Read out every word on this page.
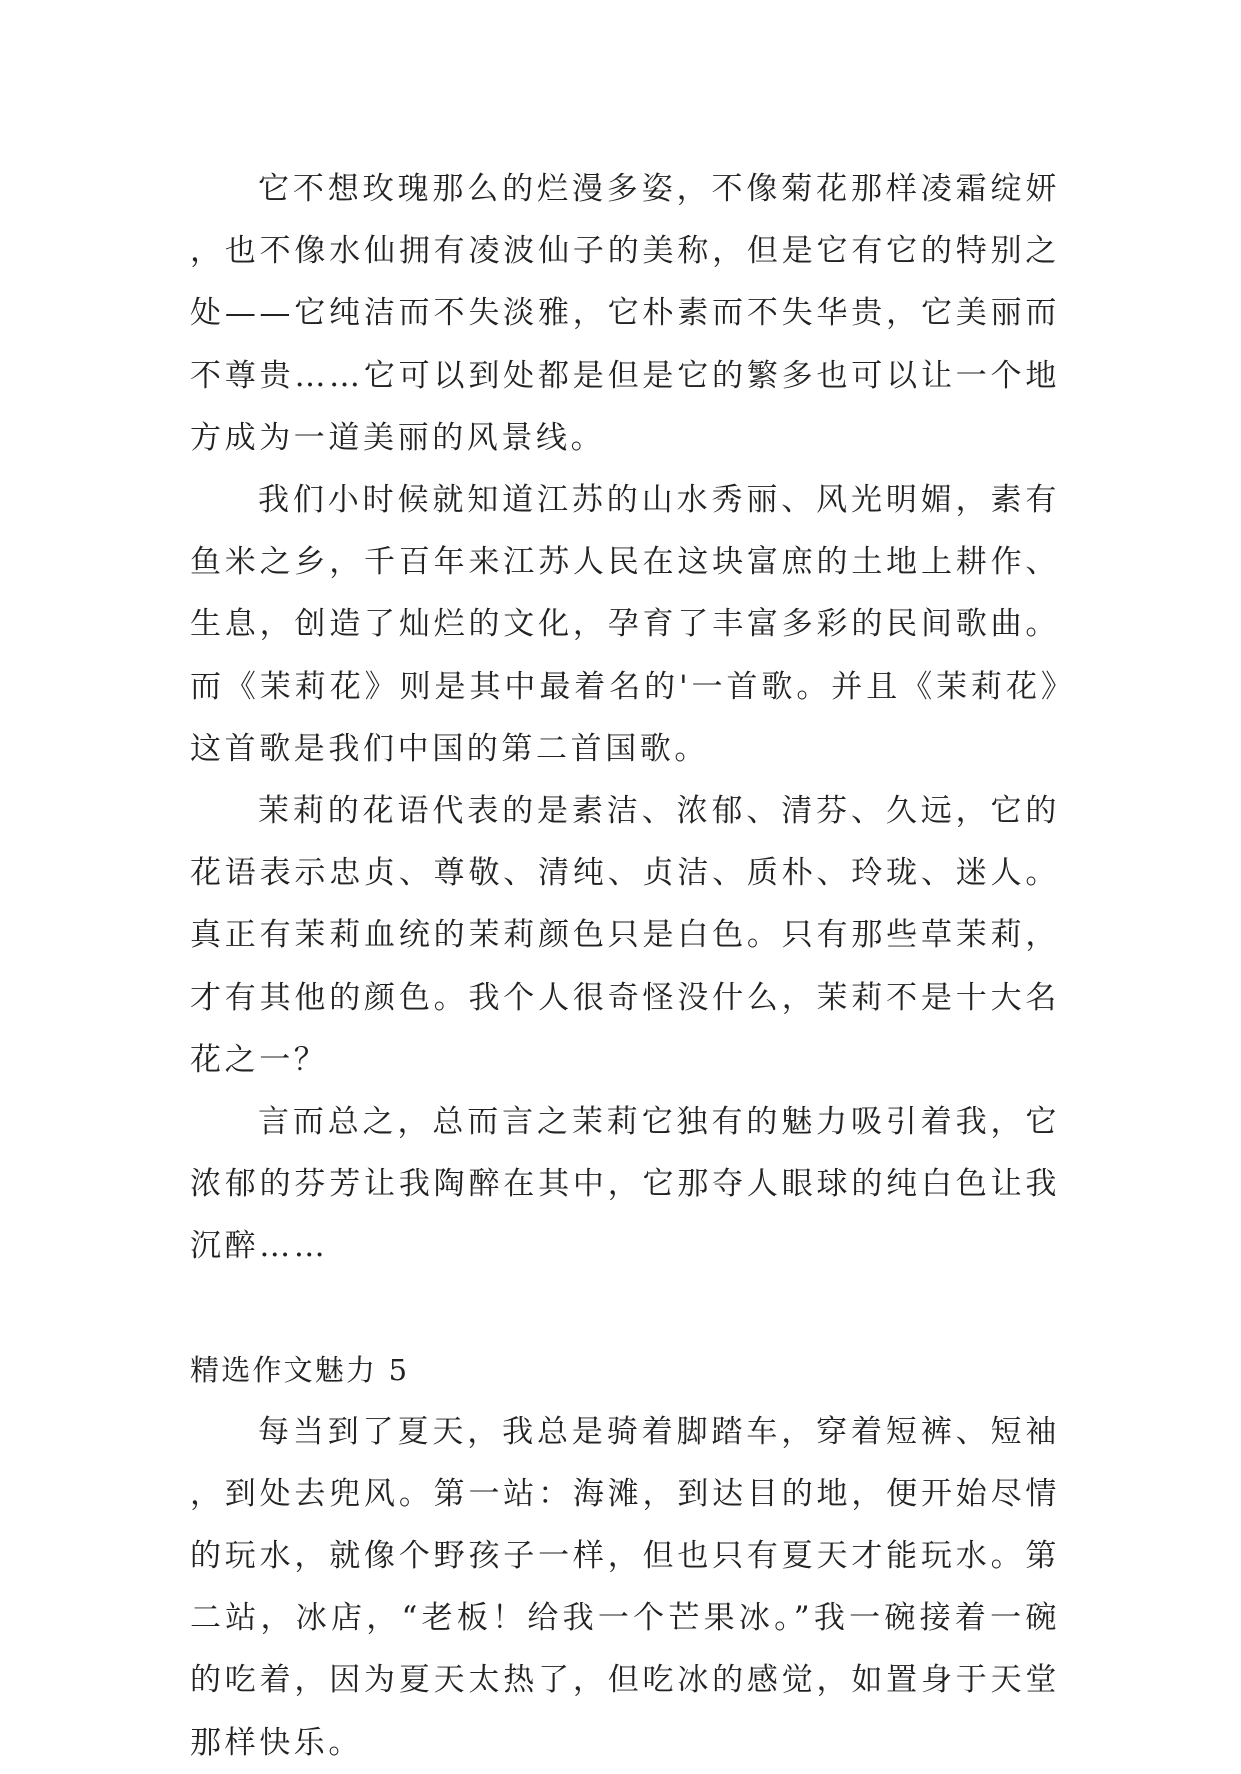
它不想玫瑰那么的烂漫多姿，不像菊花那样凌霜绽妍，也不像水仙拥有凌波仙子的美称，但是它有它的特别之处——它纯洁而不失淡雅，它朴素而不失华贵，它美丽而不尊贵……它可以到处都是但是它的繁多也可以让一个地方成为一道美丽的风景线。

我们小时候就知道江苏的山水秀丽、风光明媚，素有鱼米之乡，千百年来江苏人民在这块富庶的土地上耕作、生息，创造了灿烂的文化，孕育了丰富多彩的民间歌曲。而《茉莉花》则是其中最着名的'一首歌。并且《茉莉花》这首歌是我们中国的第二首国歌。

茉莉的花语代表的是素洁、浓郁、清芬、久远，它的花语表示忠贞、尊敬、清纯、贞洁、质朴、玲珑、迷人。真正有茉莉血统的茉莉颜色只是白色。只有那些草茉莉，才有其他的颜色。我个人很奇怪没什么，茉莉不是十大名花之一？

言而总之，总而言之茉莉它独有的魅力吸引着我，它浓郁的芬芳让我陶醉在其中，它那夺人眼球的纯白色让我沉醉……

精选作文魅力 5

每当到了夏天，我总是骑着脚踏车，穿着短裤、短袖，到处去兜风。第一站：海滩，到达目的地，便开始尽情的玩水，就像个野孩子一样，但也只有夏天才能玩水。第二站，冰店，“老板！给我一个芒果冰。”我一碗接着一碗的吃着，因为夏天太热了，但吃冰的感觉，如置身于天堂那样快乐。
